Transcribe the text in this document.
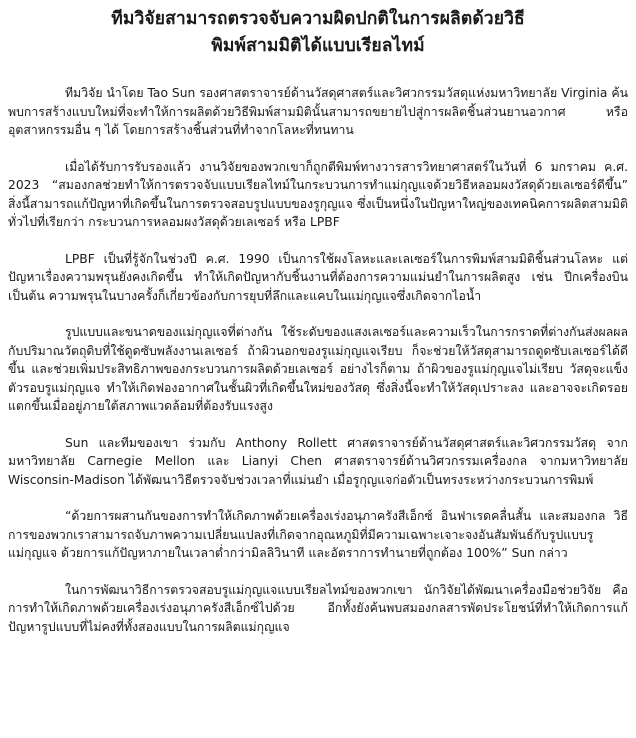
ทีมวิจัยสามารถตรวจจับความผิดปกติในการผลิตด้วยวิธี
พิมพ์สามมิติได้แบบเรียลไทม์

ทีมวิจัย นำโดย Tao Sun รองศาสตราจารย์ด้านวัสดุศาสตร์และวิศวกรรมวัสดุแห่งมหาวิทยาลัย Virginia ค้นพบการสร้างแบบใหม่ที่จะทำให้การผลิตด้วยวิธีพิมพ์สามมิตินั้นสามารถขยายไปสู่การผลิตชิ้นส่วนยานอวกาศ หรืออุตสาหกรรมอื่น ๆ ได้ โดยการสร้างชิ้นส่วนที่ทำจากโลหะที่ทนทาน

เมื่อได้รับการรับรองแล้ว งานวิจัยของพวกเขาก็ถูกตีพิมพ์ทางวารสารวิทยาศาสตร์ในวันที่ 6 มกราคม ค.ศ. 2023 “สมองกลช่วยทำให้การตรวจจับแบบเรียลไทม์ในกระบวนการทำแม่กุญแจด้วยวิธีหลอมผงวัสดุด้วยเลเซอร์ดีขึ้น” สิ่งนี้สามารถแก้ปัญหาที่เกิดขึ้นในการตรวจสอบรูปแบบของรูกุญแจ ซึ่งเป็นหนึ่งในปัญหาใหญ่ของเทคนิคการผลิตสามมิติทั่วไปที่เรียกว่า กระบวนการหลอมผงวัสดุด้วยเลเซอร์ หรือ LPBF

LPBF เป็นที่รู้จักในช่วงปี ค.ศ. 1990 เป็นการใช้ผงโลหะและเลเซอร์ในการพิมพ์สามมิติชิ้นส่วนโลหะ แต่ปัญหาเรื่องความพรุนยังคงเกิดขึ้น ทำให้เกิดปัญหากับชิ้นงานที่ต้องการความแม่นยำในการผลิตสูง เช่น ปีกเครื่องบิน เป็นต้น ความพรุนในบางครั้งก็เกี่ยวข้องกับการยุบที่ลึกและแคบในแม่กุญแจซึ่งเกิดจากไอน้ำ

รูปแบบและขนาดของแม่กุญแจที่ต่างกัน ใช้ระดับของแสงเลเซอร์และความเร็วในการกราดที่ต่างกันส่งผลผลกับปริมาณวัตถุดิบที่ใช้ดูดซับพลังงานเลเซอร์ ถ้าผิวนอกของรูแม่กุญแจเรียบ ก็จะช่วยให้วัสดุสามารถดูดซับเลเซอร์ได้ดีขึ้น และช่วยเพิ่มประสิทธิภาพของกระบวนการผลิตด้วยเลเซอร์ อย่างไรก็ตาม ถ้าผิวของรูแม่กุญแจไม่เรียบ วัสดุจะแข็งตัวรอบรูแม่กุญแจ ทำให้เกิดฟองอากาศในชั้นผิวที่เกิดขึ้นใหม่ของวัสดุ ซึ่งสิ่งนี้จะทำให้วัสดุเปราะลง และอาจจะเกิดรอยแตกขึ้นเมื่ออยู่ภายใต้สภาพแวดล้อมที่ต้องรับแรงสูง

Sun และทีมของเขา ร่วมกับ Anthony Rollett ศาสตราจารย์ด้านวัสดุศาสตร์และวิศวกรรมวัสดุ จากมหาวิทยาลัย Carnegie Mellon และ Lianyi Chen ศาสตราจารย์ด้านวิศวกรรมเครื่องกล จากมหาวิทยาลัย Wisconsin-Madison ได้พัฒนาวิธีตรวจจับช่วงเวลาที่แม่นยำ เมื่อรูกุญแจก่อตัวเป็นทรงระหว่างกระบวนการพิมพ์

“ด้วยการผสานกันของการทำให้เกิดภาพด้วยเครื่องเร่งอนุภาครังสีเอ็กซ์ อินฟาเรดคลื่นสั้น และสมองกล วิธีการของพวกเราสามารถจับภาพความเปลี่ยนแปลงที่เกิดจากอุณหภูมิที่มีความเฉพาะเจาะจงอันสัมพันธ์กับรูปแบบรูแม่กุญแจ ด้วยการแก้ปัญหาภายในเวลาต่ำกว่ามิลลิวินาที และอัตราการทำนายที่ถูกต้อง 100%” Sun กล่าว

ในการพัฒนาวิธีการตรวจสอบรูแม่กุญแจแบบเรียลไทม์ของพวกเขา นักวิจัยได้พัฒนาเครื่องมือช่วยวิจัย คือ การทำให้เกิดภาพด้วยเครื่องเร่งอนุภาครังสีเอ็กซ์ไปด้วย อีกทั้งยังค้นพบสมองกลสารพัดประโยชน์ที่ทำให้เกิดการแก้ปัญหารูปแบบที่ไม่คงที่ทั้งสองแบบในการผลิตแม่กุญแจ
